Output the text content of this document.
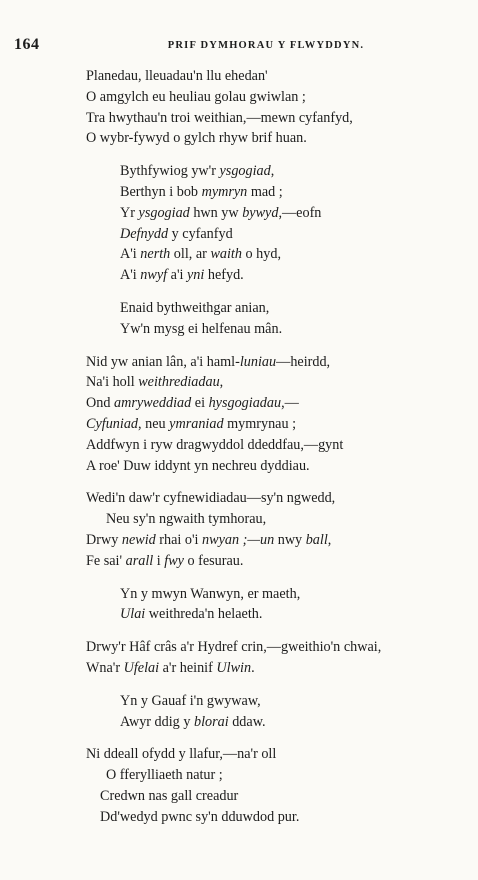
164	PRIF DYMHORAU Y FLWYDDYN.
Planedau, lleuadau'n llu ehedan'
O amgylch eu heuliau golau gwiwlan ;
Tra hwythau'n troi weithian,—mewn cyfanfyd,
O wybr-fywyd o gylch rhyw brif huan.
Bythfywiog yw'r ysgogiad,
Berthyn i bob mymryn mad ;
Yr ysgogiad hwn yw bywyd,—eofn
Defnydd y cyfanfyd
A'i nerth oll, ar waith o hyd,
A'i nwyf a'i yni hefyd.
Enaid bythweithgar anian,
Yw'n mysg ei helfenau mân.
Nid yw anian lân, a'i haml-luniau—heirdd,
Na'i holl weithrediadau,
Ond amryweddiad ei hysgogiadau,—
Cyfuniad, neu ymraniad mymrynau ;
Addfwyn i ryw dragwyddol ddeddfau,—gynt
A roe' Duw iddynt yn nechreu dyddiau.
Wedi'n daw'r cyfnewidiadau—sy'n ngwedd,
Neu sy'n ngwaith tymhorau,
Drwy newid rhai o'i nwyan ;—un nwy ball,
Fe sai' arall i fwy o fesurau.
Yn y mwyn Wanwyn, er maeth,
Ulai weithreda'n helaeth.
Drwy'r Hâf crâs a'r Hydref crin,—gweithio'n chwai,
Wna'r Ufelai a'r heinif Ulwin.
Yn y Gauaf i'n gwywaw,
Awyr ddig y blorai ddaw.
Ni ddeall ofydd y llafur,—na'r oll
O fferylliaeth natur ;
Credwn nas gall creadur
Dd'wedyd pwnc sy'n dduwdod pur.
